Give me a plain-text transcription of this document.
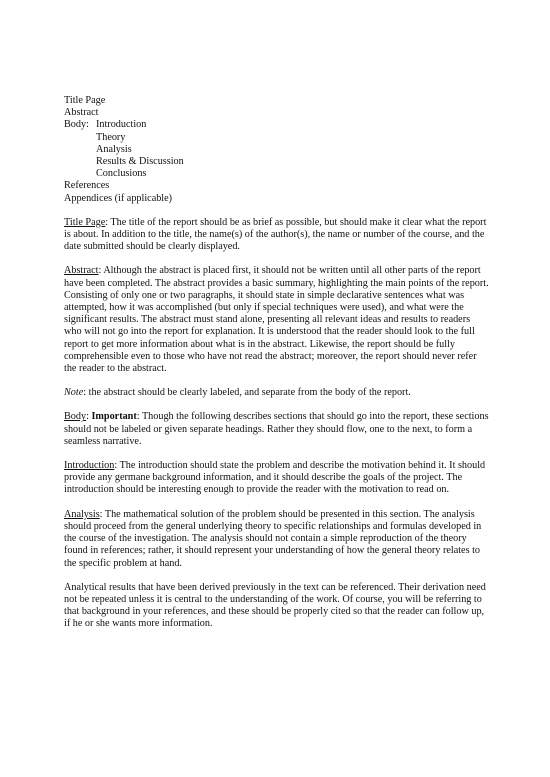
Title Page
Abstract
Body: Introduction
Theory
Analysis
Results & Discussion
Conclusions
References
Appendices (if applicable)

Title Page: The title of the report should be as brief as possible, but should make it clear what the report is about. In addition to the title, the name(s) of the author(s), the name or number of the course, and the date submitted should be clearly displayed.

Abstract: Although the abstract is placed first, it should not be written until all other parts of the report have been completed. The abstract provides a basic summary, highlighting the main points of the report. Consisting of only one or two paragraphs, it should state in simple declarative sentences what was attempted, how it was accomplished (but only if special techniques were used), and what were the significant results. The abstract must stand alone, presenting all relevant ideas and results to readers who will not go into the report for explanation. It is understood that the reader should look to the full report to get more information about what is in the abstract. Likewise, the report should be fully comprehensible even to those who have not read the abstract; moreover, the report should never refer the reader to the abstract.

Note: the abstract should be clearly labeled, and separate from the body of the report.

Body: Important: Though the following describes sections that should go into the report, these sections should not be labeled or given separate headings. Rather they should flow, one to the next, to form a seamless narrative.

Introduction: The introduction should state the problem and describe the motivation behind it. It should provide any germane background information, and it should describe the goals of the project. The introduction should be interesting enough to provide the reader with the motivation to read on.

Analysis: The mathematical solution of the problem should be presented in this section. The analysis should proceed from the general underlying theory to specific relationships and formulas developed in the course of the investigation. The analysis should not contain a simple reproduction of the theory found in references; rather, it should represent your understanding of how the general theory relates to the specific problem at hand.

Analytical results that have been derived previously in the text can be referenced. Their derivation need not be repeated unless it is central to the understanding of the work. Of course, you will be referring to that background in your references, and these should be properly cited so that the reader can follow up, if he or she wants more information.
